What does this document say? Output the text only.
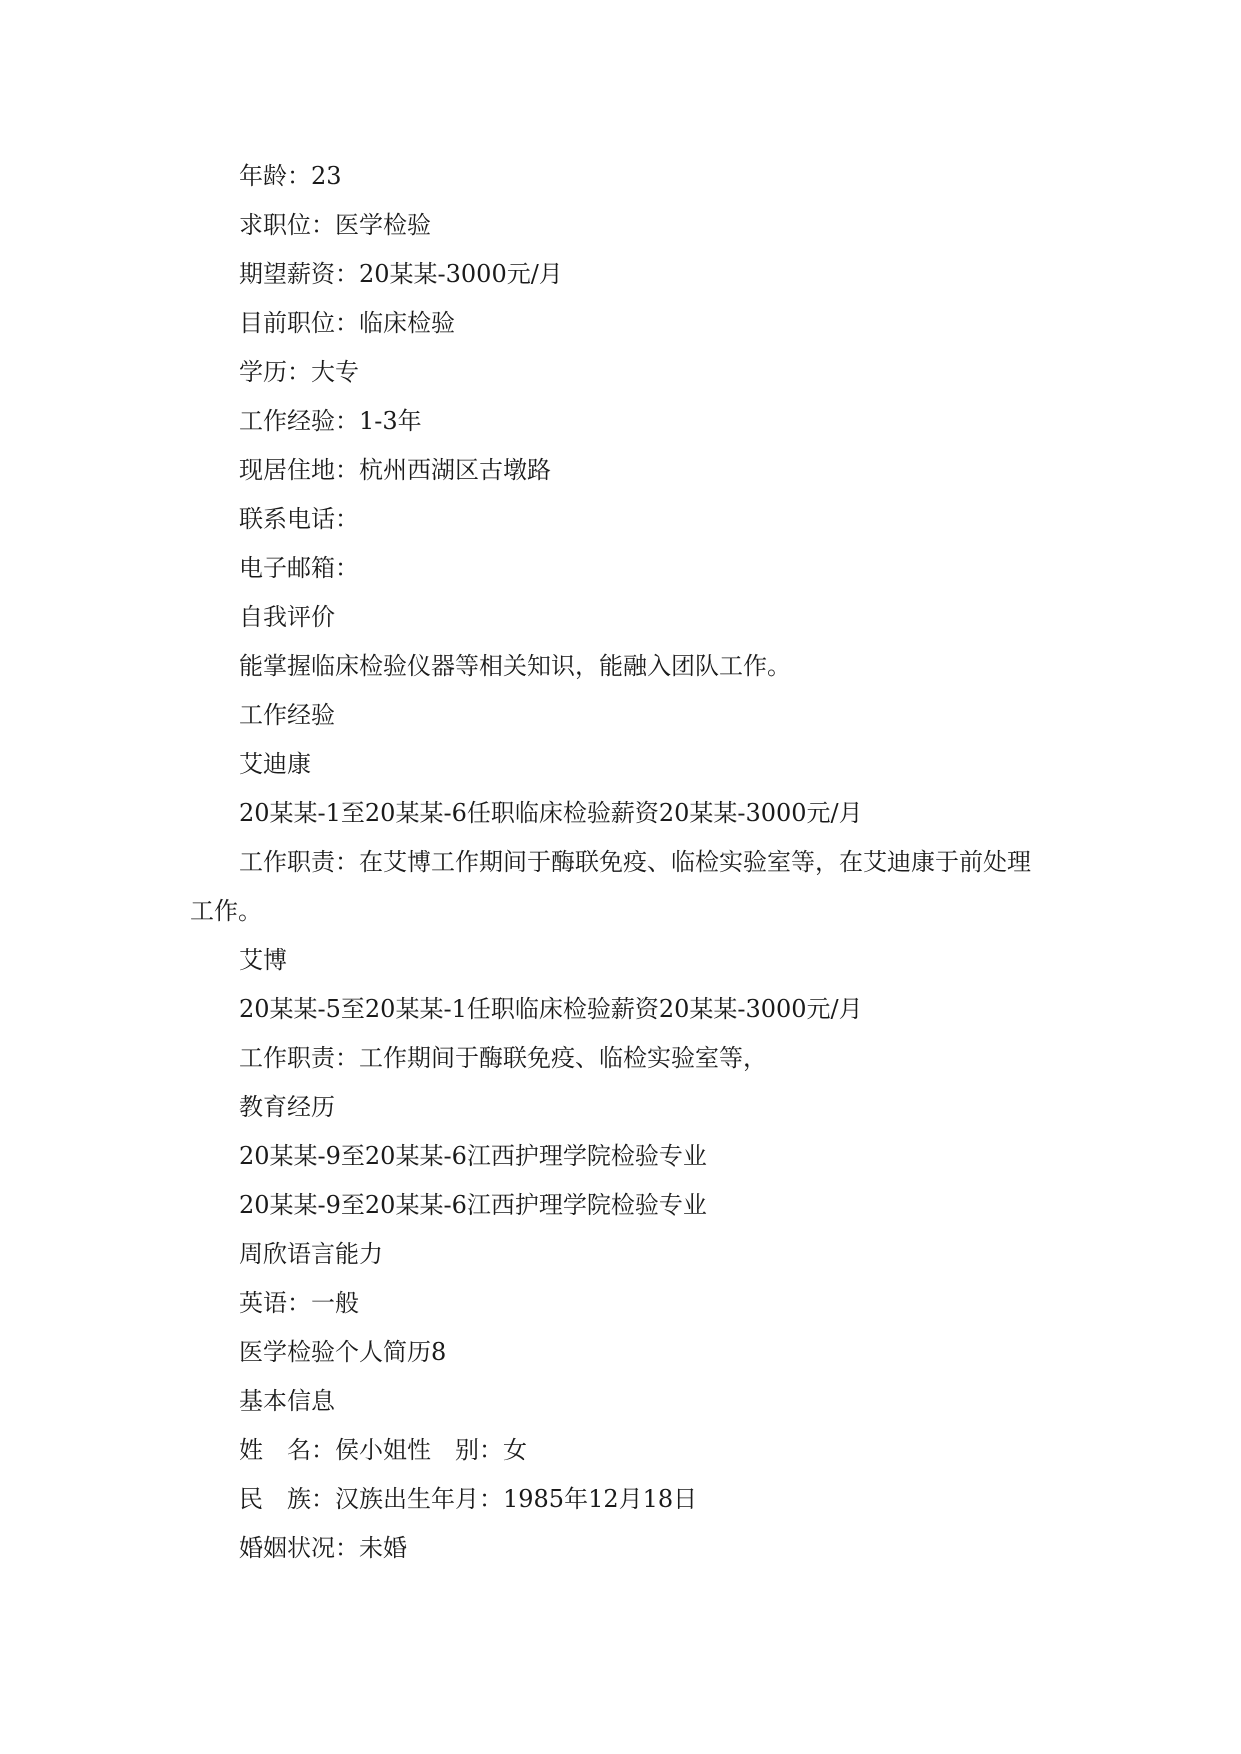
年龄：23
求职位：医学检验
期望薪资：20某某-3000元/月
目前职位：临床检验
学历：大专
工作经验：1-3年
现居住地：杭州西湖区古墩路
联系电话：
电子邮箱：
自我评价
能掌握临床检验仪器等相关知识，能融入团队工作。
工作经验
艾迪康
20某某-1至20某某-6任职临床检验薪资20某某-3000元/月
工作职责：在艾博工作期间于酶联免疫、临检实验室等，在艾迪康于前处理工作。
艾博
20某某-5至20某某-1任职临床检验薪资20某某-3000元/月
工作职责：工作期间于酶联免疫、临检实验室等，
教育经历
20某某-9至20某某-6江西护理学院检验专业
20某某-9至20某某-6江西护理学院检验专业
周欣语言能力
英语：一般
医学检验个人简历8
基本信息
姓　名：侯小姐性　别：女
民　族：汉族出生年月：1985年12月18日
婚姻状况：未婚
